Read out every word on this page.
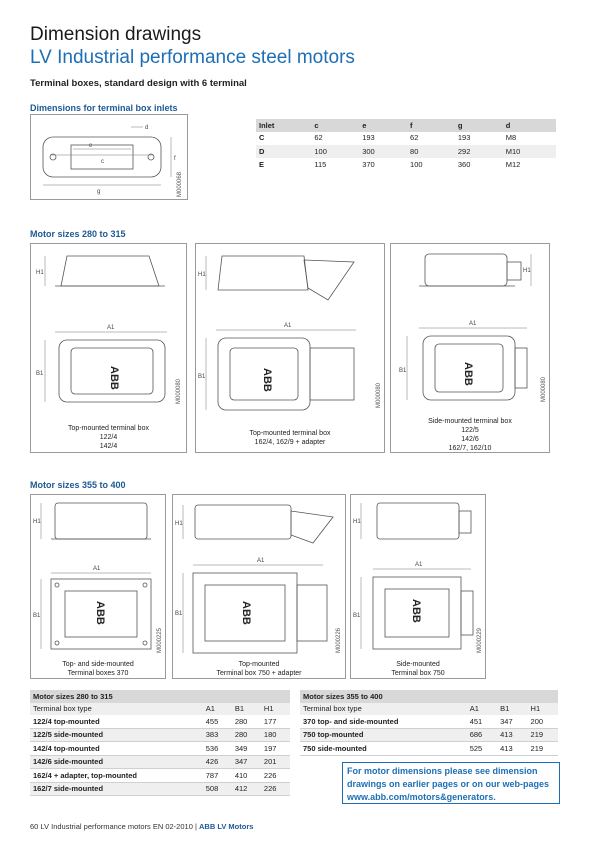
Dimension drawings
LV Industrial performance steel motors
Terminal boxes, standard design with 6 terminal
Dimensions for terminal box inlets
e
c
g
f
d
M000068
Inlet	c	e	f	g	d
C	62	193	62	193	M8
D	100	300	80	292	M10
E	115	370	100	360	M12
Motor sizes 280 to 315
H1
A1
B1	ABB
M000080
Top-mounted terminal box
122/4
142/4
H1
A1
B1	ABB
M000080
Top-mounted terminal box
162/4, 162/9 + adapter
H1
A1
B1	ABB
M000080
Side-mounted terminal box
122/5
142/6
162/7, 162/10
Motor sizes 355 to 400
H1
A1
B1	ABB
M000225
Top- and side-mounted
Terminal boxes 370
H1
A1
B1	ABB
M000226
Top-mounted
Terminal box 750 + adapter
H1
A1
B1	ABB
M000229
Side-mounted
Terminal box 750
Motor sizes 280 to 315			
Terminal box type	A1	B1	H1
122/4 top-mounted	455	280	177
122/5 side-mounted	383	280	180
142/4 top-mounted	536	349	197
142/6 side-mounted	426	347	201
162/4 + adapter, top-mounted	787	410	226
162/7 side-mounted	508	412	226
Motor sizes 355 to 400			
Terminal box type	A1	B1	H1
370 top- and side-mounted	451	347	200
750 top-mounted	686	413	219
750 side-mounted	525	413	219
For motor dimensions please see dimension drawings on earlier pages or on our web-pages www.abb.com/motors&generators.
60 LV Industrial performance motors EN 02-2010 | ABB LV Motors
